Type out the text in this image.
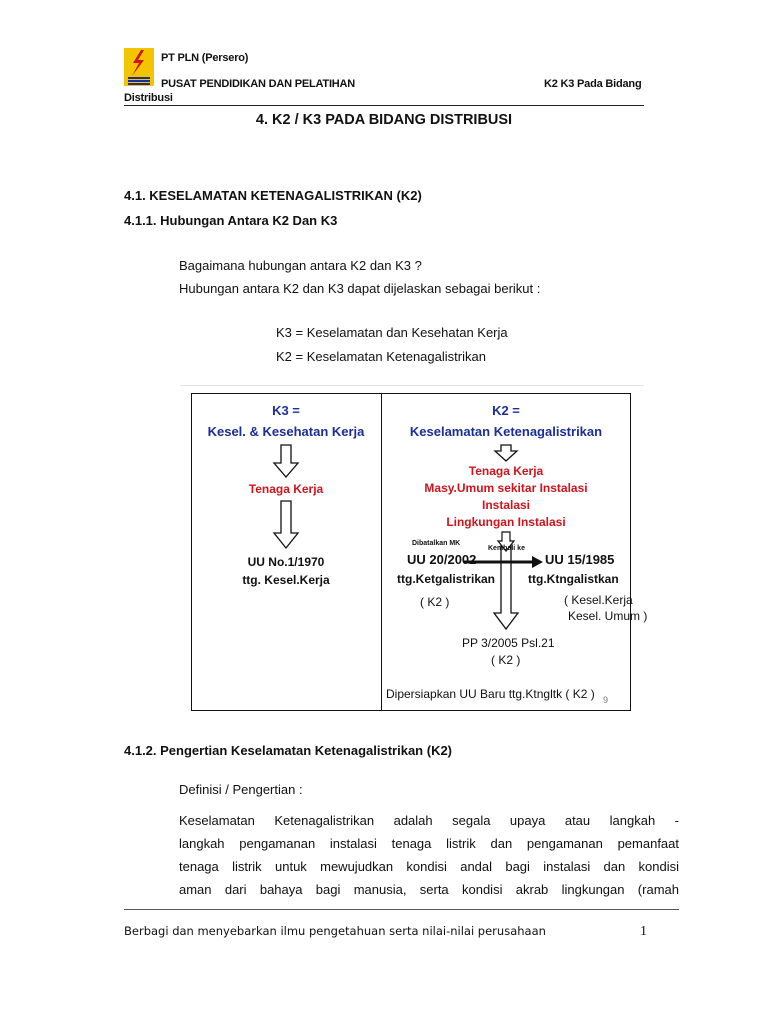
PT PLN (Persero)
PUSAT PENDIDIKAN DAN PELATIHAN	K2 K3 Pada Bidang
Distribusi
4. K2 / K3 PADA BIDANG DISTRIBUSI
4.1. KESELAMATAN KETENAGALISTRIKAN (K2)
4.1.1. Hubungan Antara K2 Dan K3
Bagaimana hubungan antara K2 dan K3 ?
Hubungan antara K2 dan K3 dapat dijelaskan sebagai berikut :
K3 = Keselamatan dan Kesehatan Kerja
K2 = Keselamatan Ketenagalistrikan
K3 =
Kesel. & Kesehatan Kerja
Tenaga Kerja
UU No.1/1970
ttg. Kesel.Kerja
K2 =
Keselamatan Ketenagalistrikan
Tenaga Kerja
Masy.Umum sekitar Instalasi
Instalasi
Lingkungan Instalasi
Dibatalkan MK
Kembali ke
UU 20/2002
ttg.Ketgalistrikan
( K2 )
UU 15/1985
ttg.Ktngalistkan
( Kesel.Kerja
Kesel. Umum )
PP 3/2005 Psl.21
( K2 )
Dipersiapkan UU Baru ttg.Ktngltk ( K2 ) 9
4.1.2. Pengertian Keselamatan Ketenagalistrikan (K2)
Definisi / Pengertian :
Keselamatan Ketenagalistrikan adalah segala upaya atau langkah -
langkah pengamanan instalasi tenaga listrik dan pengamanan pemanfaat
tenaga listrik untuk mewujudkan kondisi andal bagi instalasi dan kondisi
aman dari bahaya bagi manusia, serta kondisi akrab lingkungan (ramah
Berbagi dan menyebarkan ilmu pengetahuan serta nilai-nilai perusahaan	1
